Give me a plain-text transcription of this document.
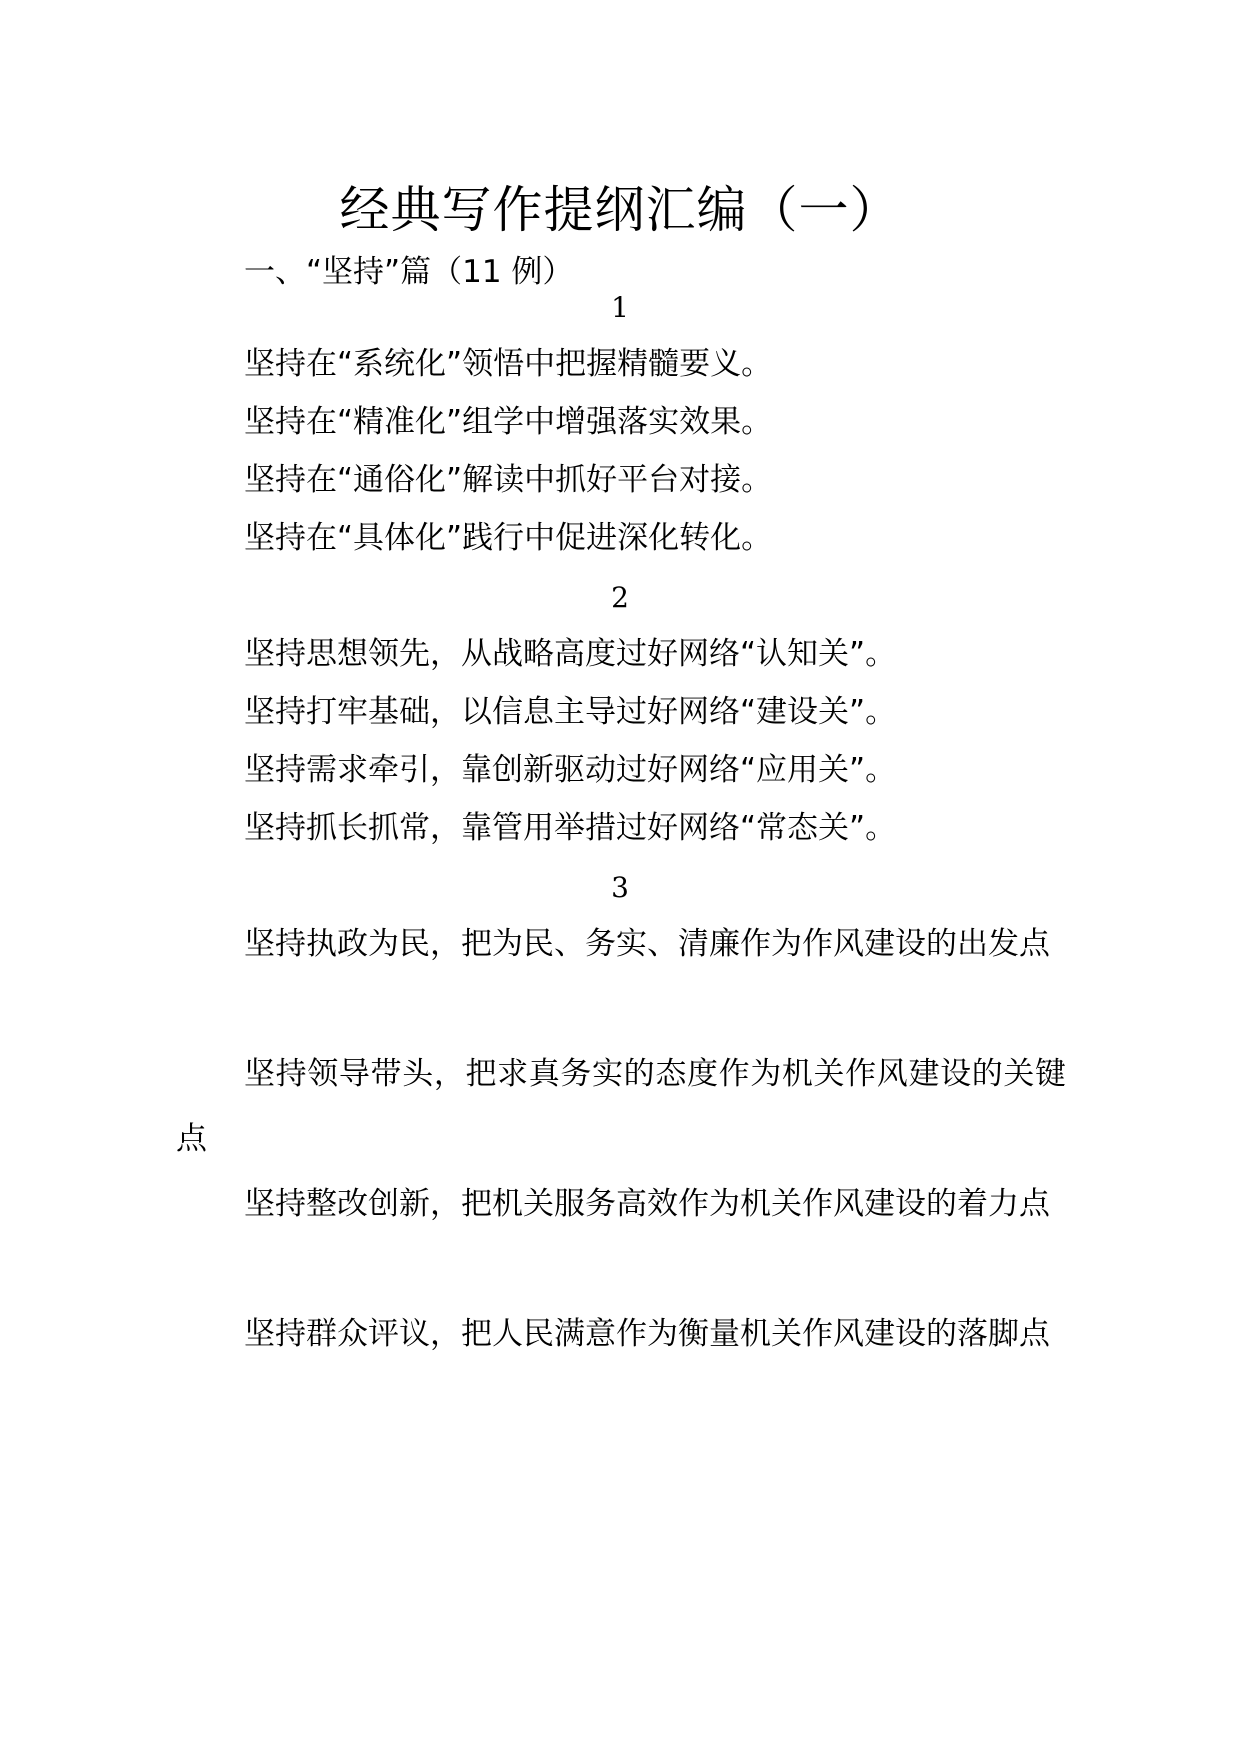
经典写作提纲汇编（一）
一、“坚持”篇（11 例）
1
坚持在“系统化”领悟中把握精髓要义。
坚持在“精准化”组学中增强落实效果。
坚持在“通俗化”解读中抓好平台对接。
坚持在“具体化”践行中促进深化转化。
2
坚持思想领先，从战略高度过好网络“认知关”。
坚持打牢基础，以信息主导过好网络“建设关”。
坚持需求牵引，靠创新驱动过好网络“应用关”。
坚持抓长抓常，靠管用举措过好网络“常态关”。
3
坚持执政为民，把为民、务实、清廉作为作风建设的出发点
坚持领导带头，把求真务实的态度作为机关作风建设的关键点
坚持整改创新，把机关服务高效作为机关作风建设的着力点
坚持群众评议，把人民满意作为衡量机关作风建设的落脚点
